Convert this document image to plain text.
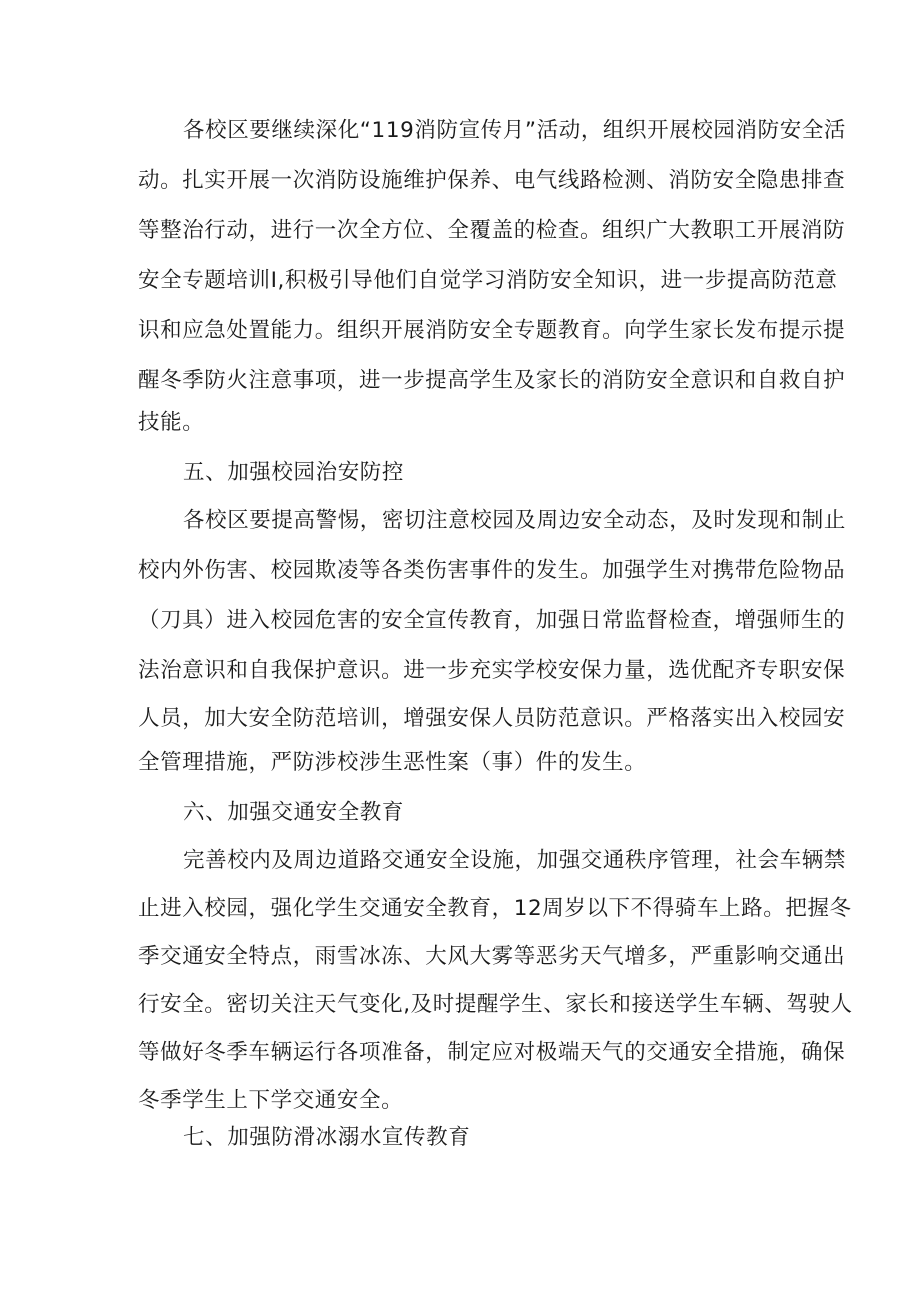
各校区要继续深化“119消防宣传月”活动，组织开展校园消防安全活
动。扎实开展一次消防设施维护保养、电气线路检测、消防安全隐患排查
等整治行动，进行一次全方位、全覆盖的检查。组织广大教职工开展消防
安全专题培训I,积极引导他们自觉学习消防安全知识，进一步提高防范意
识和应急处置能力。组织开展消防安全专题教育。向学生家长发布提示提
醒冬季防火注意事项，进一步提高学生及家长的消防安全意识和自救自护
技能。
五、加强校园治安防控
各校区要提高警惕，密切注意校园及周边安全动态，及时发现和制止
校内外伤害、校园欺凌等各类伤害事件的发生。加强学生对携带危险物品
（刀具）进入校园危害的安全宣传教育，加强日常监督检查，增强师生的
法治意识和自我保护意识。进一步充实学校安保力量，选优配齐专职安保
人员，加大安全防范培训，增强安保人员防范意识。严格落实出入校园安
全管理措施，严防涉校涉生恶性案（事）件的发生。
六、加强交通安全教育
完善校内及周边道路交通安全设施，加强交通秩序管理，社会车辆禁
止进入校园，强化学生交通安全教育，12周岁以下不得骑车上路。把握冬
季交通安全特点，雨雪冰冻、大风大雾等恶劣天气增多，严重影响交通出
行安全。密切关注天气变化,及时提醒学生、家长和接送学生车辆、驾驶人
等做好冬季车辆运行各项准备，制定应对极端天气的交通安全措施，确保
冬季学生上下学交通安全。
七、加强防滑冰溺水宣传教育
